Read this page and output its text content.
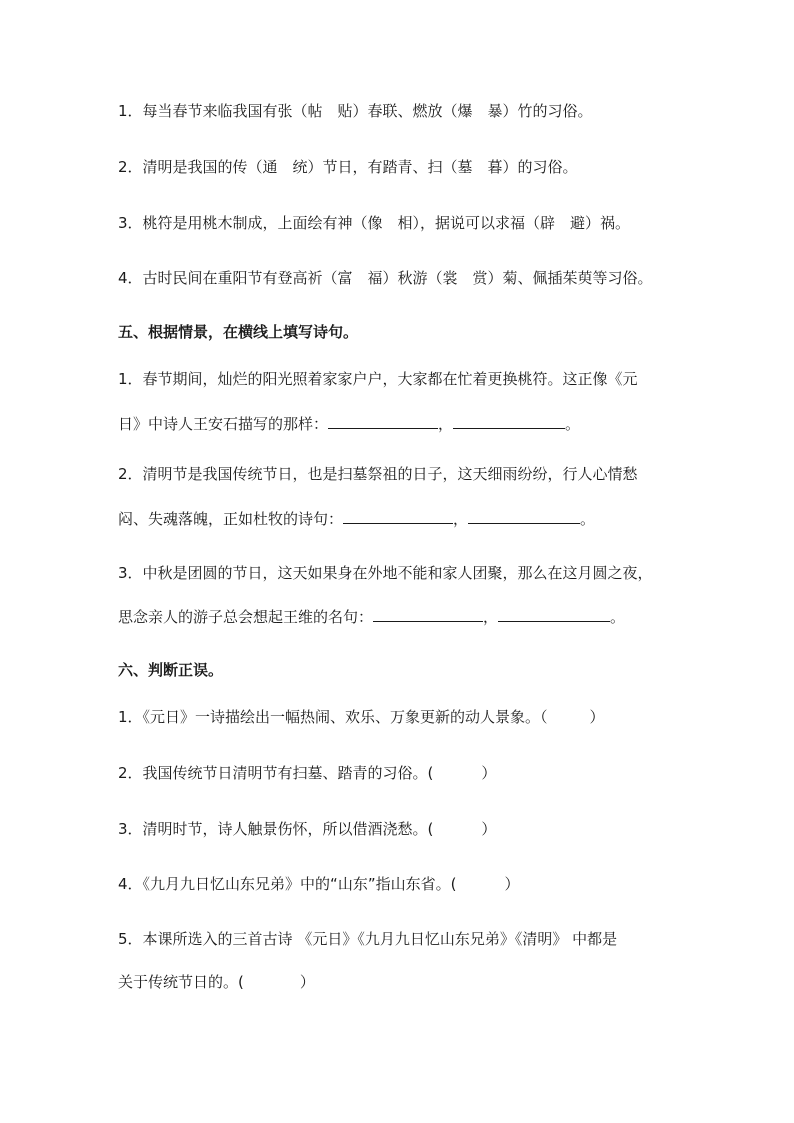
1．每当春节来临我国有张（帖　贴）春联、燃放（爆　暴）竹的习俗。
2．清明是我国的传（通　统）节日，有踏青、扫（墓　暮）的习俗。
3．桃符是用桃木制成，上面绘有神（像　相），据说可以求福（辟　避）祸。
4．古时民间在重阳节有登高祈（富　福）秋游（裳　赏）菊、佩插茱萸等习俗。
五、根据情景，在横线上填写诗句。
1．春节期间，灿烂的阳光照着家家户户，大家都在忙着更换桃符。这正像《元
日》中诗人王安石描写的那样：	，	。
2．清明节是我国传统节日，也是扫墓祭祖的日子，这天细雨纷纷，行人心情愁
闷、失魂落魄，正如杜牧的诗句：	，	。
3．中秋是团圆的节日，这天如果身在外地不能和家人团聚，那么在这月圆之夜，
思念亲人的游子总会想起王维的名句：	，	。
六、判断正误。
1．《元日》一诗描绘出一幅热闹、欢乐、万象更新的动人景象。（	）
2．我国传统节日清明节有扫墓、踏青的习俗。(	）
3．清明时节，诗人触景伤怀，所以借酒浇愁。(	）
4．《九月九日忆山东兄弟》中的“山东”指山东省。(	）
5．本课所选入的三首古诗 《元日》《九月九日忆山东兄弟》《清明》 中都是
关于传统节日的。(	）
